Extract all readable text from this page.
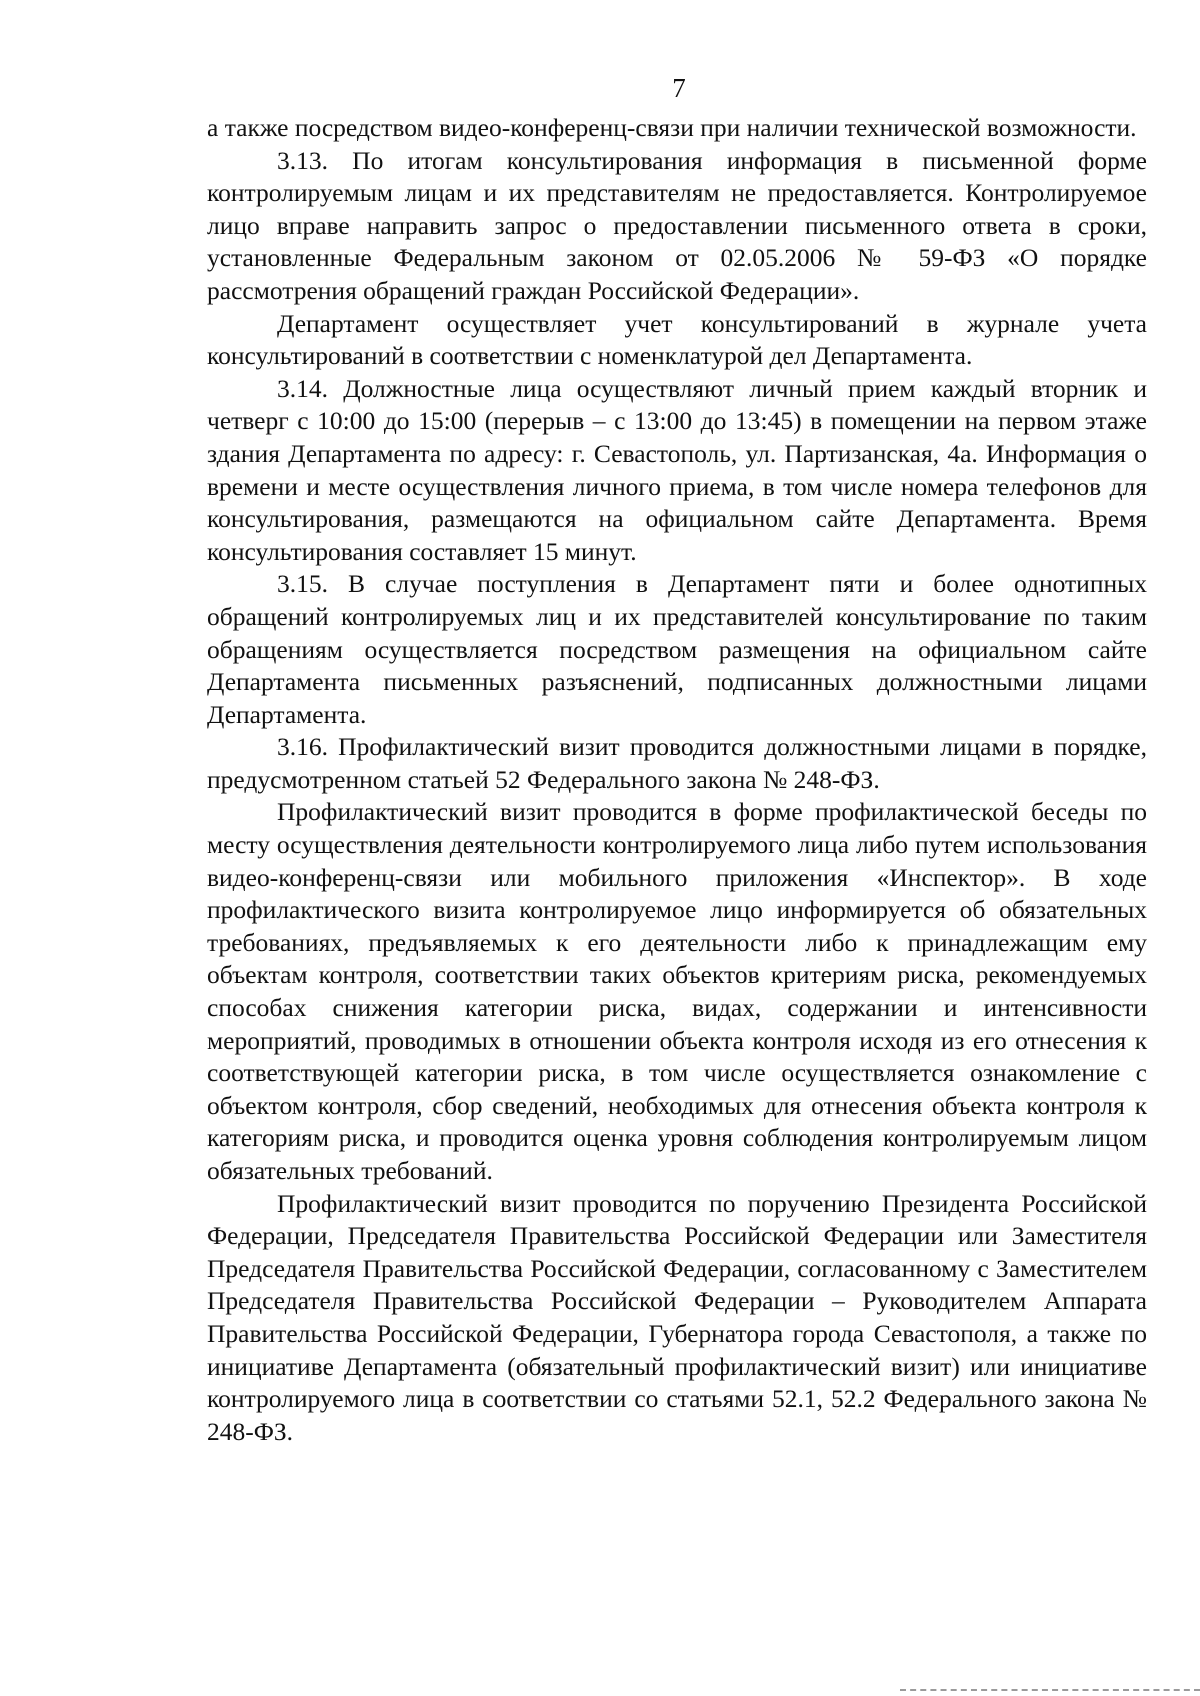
7

а также посредством видео-конференц-связи при наличии технической возможности.

3.13. По итогам консультирования информация в письменной форме контролируемым лицам и их представителям не предоставляется. Контролируемое лицо вправе направить запрос о предоставлении письменного ответа в сроки, установленные Федеральным законом от 02.05.2006 № 59-ФЗ «О порядке рассмотрения обращений граждан Российской Федерации».

Департамент осуществляет учет консультирований в журнале учета консультирований в соответствии с номенклатурой дел Департамента.

3.14. Должностные лица осуществляют личный прием каждый вторник и четверг с 10:00 до 15:00 (перерыв – с 13:00 до 13:45) в помещении на первом этаже здания Департамента по адресу: г. Севастополь, ул. Партизанская, 4а. Информация о времени и месте осуществления личного приема, в том числе номера телефонов для консультирования, размещаются на официальном сайте Департамента. Время консультирования составляет 15 минут.

3.15. В случае поступления в Департамент пяти и более однотипных обращений контролируемых лиц и их представителей консультирование по таким обращениям осуществляется посредством размещения на официальном сайте Департамента письменных разъяснений, подписанных должностными лицами Департамента.

3.16. Профилактический визит проводится должностными лицами в порядке, предусмотренном статьей 52 Федерального закона № 248-ФЗ.

Профилактический визит проводится в форме профилактической беседы по месту осуществления деятельности контролируемого лица либо путем использования видео-конференц-связи или мобильного приложения «Инспектор». В ходе профилактического визита контролируемое лицо информируется об обязательных требованиях, предъявляемых к его деятельности либо к принадлежащим ему объектам контроля, соответствии таких объектов критериям риска, рекомендуемых способах снижения категории риска, видах, содержании и интенсивности мероприятий, проводимых в отношении объекта контроля исходя из его отнесения к соответствующей категории риска, в том числе осуществляется ознакомление с объектом контроля, сбор сведений, необходимых для отнесения объекта контроля к категориям риска, и проводится оценка уровня соблюдения контролируемым лицом обязательных требований.

Профилактический визит проводится по поручению Президента Российской Федерации, Председателя Правительства Российской Федерации или Заместителя Председателя Правительства Российской Федерации, согласованному с Заместителем Председателя Правительства Российской Федерации – Руководителем Аппарата Правительства Российской Федерации, Губернатора города Севастополя, а также по инициативе Департамента (обязательный профилактический визит) или инициативе контролируемого лица в соответствии со статьями 52.1, 52.2 Федерального закона № 248-ФЗ.
